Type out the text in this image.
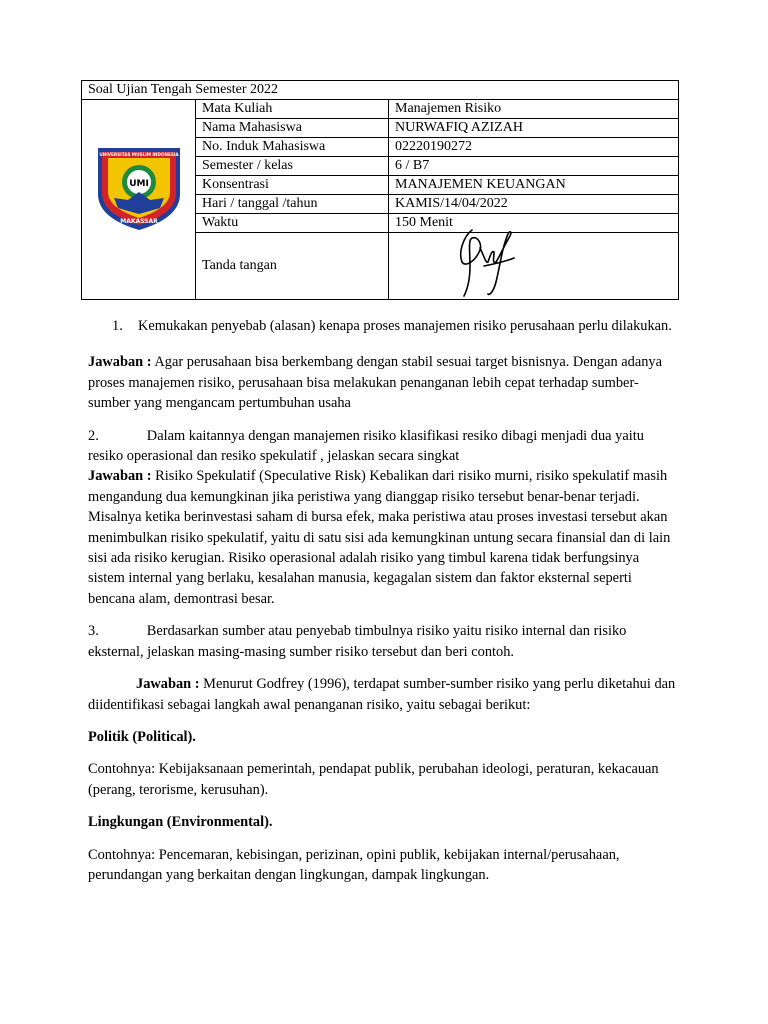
Soal Ujian Tengah Semester 2022		

UMI
UNIVERSITAS MUSLIM INDONESIA
MAKASSAR	Mata Kuliah	Manajemen Risiko
	Nama Mahasiswa	NURWAFIQ AZIZAH
	No. Induk Mahasiswa	02220190272
	Semester / kelas	6 / B7
	Konsentrasi	MANAJEMEN KEUANGAN
	Hari / tanggal /tahun	KAMIS/14/04/2022
	Waktu	150 Menit
	Tanda tangan	
1.	Kemukakan penyebab (alasan) kenapa proses manajemen risiko perusahaan perlu dilakukan.

Jawaban : Agar perusahaan bisa berkembang dengan stabil sesuai target bisnisnya. Dengan adanya proses manajemen risiko, perusahaan bisa melakukan penanganan lebih cepat terhadap sumber-sumber yang mengancam pertumbuhan usaha

2.	Dalam kaitannya dengan manajemen risiko klasifikasi resiko dibagi menjadi dua yaitu resiko operasional dan resiko spekulatif , jelaskan secara singkat

Jawaban : Risiko Spekulatif (Speculative Risk) Kebalikan dari risiko murni, risiko spekulatif masih mengandung dua kemungkinan jika peristiwa yang dianggap risiko tersebut benar-benar terjadi. Misalnya ketika berinvestasi saham di bursa efek, maka peristiwa atau proses investasi tersebut akan menimbulkan risiko spekulatif, yaitu di satu sisi ada kemungkinan untung secara finansial dan di lain sisi ada risiko kerugian. Risiko operasional adalah risiko yang timbul karena tidak berfungsinya sistem internal yang berlaku, kesalahan manusia, kegagalan sistem dan faktor eksternal seperti bencana alam, demontrasi besar.

3.	Berdasarkan sumber atau penyebab timbulnya risiko yaitu risiko internal dan risiko eksternal, jelaskan masing-masing sumber risiko tersebut dan beri contoh.

Jawaban : Menurut Godfrey (1996), terdapat sumber-sumber risiko yang perlu diketahui dan diidentifikasi sebagai langkah awal penanganan risiko, yaitu sebagai berikut:

Politik (Political).

Contohnya: Kebijaksanaan pemerintah, pendapat publik, perubahan ideologi, peraturan, kekacauan (perang, terorisme, kerusuhan).

Lingkungan (Environmental).

Contohnya: Pencemaran, kebisingan, perizinan, opini publik, kebijakan internal/perusahaan, perundangan yang berkaitan dengan lingkungan, dampak lingkungan.
